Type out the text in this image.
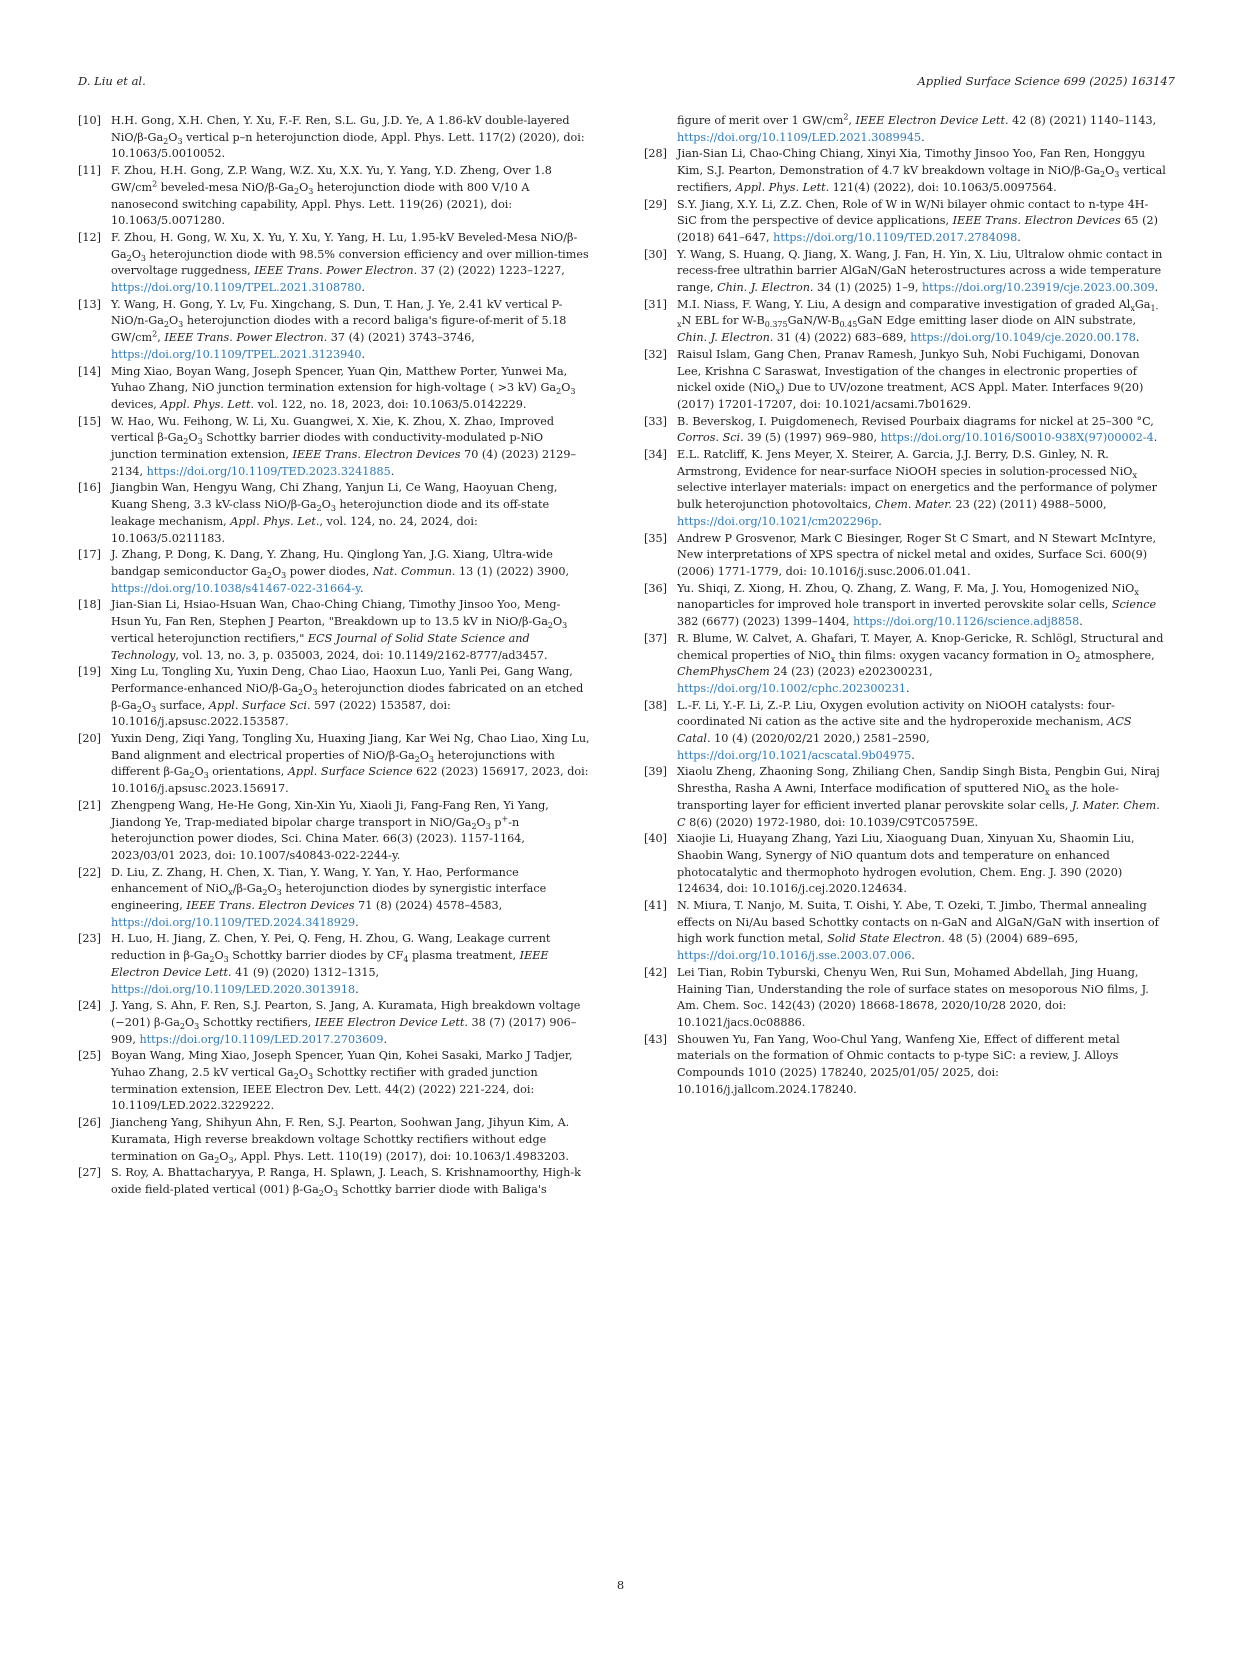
D. Liu et al.	Applied Surface Science 699 (2025) 163147
[10] H.H. Gong, X.H. Chen, Y. Xu, F.-F. Ren, S.L. Gu, J.D. Ye, A 1.86-kV double-layered NiO/$\beta-Ga_2O_3$ vertical p–n heterojunction diode, Appl. Phys. Lett. 117(2) (2020), doi: 10.1063/5.0010052.
[11] F. Zhou, H.H. Gong, Z.P. Wang, W.Z. Xu, X.X. Yu, Y. Yang, Y.D. Zheng, Over 1.8 $GW/cm^2$ beveled-mesa NiO/$\beta-Ga_2O_3$ heterojunction diode with 800 V/10 A nanosecond switching capability, Appl. Phys. Lett. 119(26) (2021), doi: 10.1063/5.0071280.
[12] F. Zhou, H. Gong, W. Xu, X. Yu, Y. Xu, Y. Yang, H. Lu, 1.95-kV Beveled-Mesa NiO/$\beta-Ga_2O_3$ heterojunction diode with 98.5% conversion efficiency and over million-times overvoltage ruggedness, IEEE Trans. Power Electron. 37 (2) (2022) 1223–1227, https://doi.org/10.1109/TPEL.2021.3108780.
[13] Y. Wang, H. Gong, Y. Lv, Fu. Xingchang, S. Dun, T. Han, J. Ye, 2.41 kV vertical $P-NiO/n-Ga_2O_3$ heterojunction diodes with a record baliga's figure-of-merit of 5.18 $GW/cm^2$, IEEE Trans. Power Electron. 37 (4) (2021) 3743–3746, https://doi.org/10.1109/TPEL.2021.3123940.
[14] Ming Xiao, Boyan Wang, Joseph Spencer, Yuan Qin, Matthew Porter, Yunwei Ma, Yuhao Zhang, NiO junction termination extension for high-voltage ( >3 kV) $Ga_2O_3$ devices, Appl. Phys. Lett. vol. 122, no. 18, 2023, doi: 10.1063/5.0142229.
[15] W. Hao, Wu. Feihong, W. Li, Xu. Guangwei, X. Xie, K. Zhou, X. Zhao, Improved vertical $\beta-Ga_2O_3$ Schottky barrier diodes with conductivity-modulated p-NiO junction termination extension, IEEE Trans. Electron Devices 70 (4) (2023) 2129–2134, https://doi.org/10.1109/TED.2023.3241885.
[16] Jiangbin Wan, Hengyu Wang, Chi Zhang, Yanjun Li, Ce Wang, Haoyuan Cheng, Kuang Sheng, 3.3 kV-class NiO/$\beta-Ga_2O_3$ heterojunction diode and its off-state leakage mechanism, Appl. Phys. Let., vol. 124, no. 24, 2024, doi: 10.1063/5.0211183.
[17] J. Zhang, P. Dong, K. Dang, Y. Zhang, Hu. Qinglong Yan, J.G. Xiang, Ultra-wide bandgap semiconductor $Ga_2O_3$ power diodes, Nat. Commun. 13 (1) (2022) 3900, https://doi.org/10.1038/s41467-022-31664-y.
[18] Jian-Sian Li, Hsiao-Hsuan Wan, Chao-Ching Chiang, Timothy Jinsoo Yoo, Meng-Hsun Yu, Fan Ren, Stephen J Pearton, "Breakdown up to 13.5 kV in NiO/$\beta-Ga_2O_3$ vertical heterojunction rectifiers," ECS Journal of Solid State Science and Technology, vol. 13, no. 3, p. 035003, 2024, doi: 10.1149/2162-8777/ad3457.
[19] Xing Lu, Tongling Xu, Yuxin Deng, Chao Liao, Haoxun Luo, Yanli Pei, Gang Wang, Performance-enhanced NiO/$\beta-Ga_2O_3$ heterojunction diodes fabricated on an etched $\beta-Ga_2O_3$ surface, Appl. Surface Sci. 597 (2022) 153587, doi: 10.1016/j.apsusc.2022.153587.
[20] Yuxin Deng, Ziqi Yang, Tongling Xu, Huaxing Jiang, Kar Wei Ng, Chao Liao, Xing Lu, Band alignment and electrical properties of NiO/$\beta-Ga_2O_3$ heterojunctions with different $\beta-Ga_2O_3$ orientations, Appl. Surface Science 622 (2023) 156917, 2023, doi: 10.1016/j.apsusc.2023.156917.
[21] Zhengpeng Wang, He-He Gong, Xin-Xin Yu, Xiaoli Ji, Fang-Fang Ren, Yi Yang, Jiandong Ye, Trap-mediated bipolar charge transport in NiO/$Ga_2O_3$ p+-n heterojunction power diodes, Sci. China Mater. 66(3) (2023). 1157-1164, 2023/03/01 2023, doi: 10.1007/s40843-022-2244-y.
[22] D. Liu, Z. Zhang, H. Chen, X. Tian, Y. Wang, Y. Yan, Y. Hao, Performance enhancement of $NiO_x/\beta-Ga_2O_3$ heterojunction diodes by synergistic interface engineering, IEEE Trans. Electron Devices 71 (8) (2024) 4578–4583, https://doi.org/10.1109/TED.2024.3418929.
[23] H. Luo, H. Jiang, Z. Chen, Y. Pei, Q. Feng, H. Zhou, G. Wang, Leakage current reduction in $\beta-Ga_2O_3$ Schottky barrier diodes by $CF_4$ plasma treatment, IEEE Electron Device Lett. 41 (9) (2020) 1312–1315, https://doi.org/10.1109/LED.2020.3013918.
[24] J. Yang, S. Ahn, F. Ren, S.J. Pearton, S. Jang, A. Kuramata, High breakdown voltage (−201) $\beta-Ga_2O_3$ Schottky rectifiers, IEEE Electron Device Lett. 38 (7) (2017) 906–909, https://doi.org/10.1109/LED.2017.2703609.
[25] Boyan Wang, Ming Xiao, Joseph Spencer, Yuan Qin, Kohei Sasaki, Marko J Tadjer, Yuhao Zhang, 2.5 kV vertical $Ga_2O_3$ Schottky rectifier with graded junction termination extension, IEEE Electron Dev. Lett. 44(2) (2022) 221-224, doi: 10.1109/LED.2022.3229222.
[26] Jiancheng Yang, Shihyun Ahn, F. Ren, S.J. Pearton, Soohwan Jang, Jihyun Kim, A. Kuramata, High reverse breakdown voltage Schottky rectifiers without edge termination on $Ga_2O_3$, Appl. Phys. Lett. 110(19) (2017), doi: 10.1063/1.4983203.
[27] S. Roy, A. Bhattacharyya, P. Ranga, H. Splawn, J. Leach, S. Krishnamoorthy, High-k oxide field-plated vertical (001) $\beta-Ga_2O_3$ Schottky barrier diode with Baliga's
figure of merit over 1 $GW/cm^2$, IEEE Electron Device Lett. 42 (8) (2021) 1140–1143, https://doi.org/10.1109/LED.2021.3089945.
[28] Jian-Sian Li, Chao-Ching Chiang, Xinyi Xia, Timothy Jinsoo Yoo, Fan Ren, Honggyu Kim, S.J. Pearton, Demonstration of 4.7 kV breakdown voltage in NiO/$\beta-Ga_2O_3$ vertical rectifiers, Appl. Phys. Lett. 121(4) (2022), doi: 10.1063/5.0097564.
[29] S.Y. Jiang, X.Y. Li, Z.Z. Chen, Role of W in W/Ni bilayer ohmic contact to n-type 4H-SiC from the perspective of device applications, IEEE Trans. Electron Devices 65 (2) (2018) 641–647, https://doi.org/10.1109/TED.2017.2784098.
[30] Y. Wang, S. Huang, Q. Jiang, X. Wang, J. Fan, H. Yin, X. Liu, Ultralow ohmic contact in recess-free ultrathin barrier AlGaN/GaN heterostructures across a wide temperature range, Chin. J. Electron. 34 (1) (2025) 1–9, https://doi.org/10.23919/cje.2023.00.309.
[31] M.I. Niass, F. Wang, Y. Liu, A design and comparative investigation of graded $Al_xGa_{1-x}N$ EBL for $W-B_{0.375}GaN/W-B_{0.45}GaN$ Edge emitting laser diode on AlN substrate, Chin. J. Electron. 31 (4) (2022) 683–689, https://doi.org/10.1049/cje.2020.00.178.
[32] Raisul Islam, Gang Chen, Pranav Ramesh, Junkyo Suh, Nobi Fuchigami, Donovan Lee, Krishna C Saraswat, Investigation of the changes in electronic properties of nickel oxide (NiO$_x$) Due to UV/ozone treatment, ACS Appl. Mater. Interfaces 9(20) (2017) 17201-17207, doi: 10.1021/acsami.7b01629.
[33] B. Beverskog, I. Puigdomenech, Revised Pourbaix diagrams for nickel at 25–300 °C, Corros. Sci. 39 (5) (1997) 969–980, https://doi.org/10.1016/S0010-938X(97)00002-4.
[34] E.L. Ratcliff, K. Jens Meyer, X. Steirer, A. Garcia, J.J. Berry, D.S. Ginley, N. R. Armstrong, Evidence for near-surface NiOOH species in solution-processed NiO$_x$ selective interlayer materials: impact on energetics and the performance of polymer bulk heterojunction photovoltaics, Chem. Mater. 23 (22) (2011) 4988–5000, https://doi.org/10.1021/cm202296p.
[35] Andrew P Grosvenor, Mark C Biesinger, Roger St C Smart, and N Stewart McIntyre, New interpretations of XPS spectra of nickel metal and oxides, Surface Sci. 600(9) (2006) 1771-1779, doi: 10.1016/j.susc.2006.01.041.
[36] Yu. Shiqi, Z. Xiong, H. Zhou, Q. Zhang, Z. Wang, F. Ma, J. You, Homogenized NiO$_x$ nanoparticles for improved hole transport in inverted perovskite solar cells, Science 382 (6677) (2023) 1399–1404, https://doi.org/10.1126/science.adj8858.
[37] R. Blume, W. Calvet, A. Ghafari, T. Mayer, A. Knop-Gericke, R. Schlögl, Structural and chemical properties of NiO$_x$ thin films: oxygen vacancy formation in $O_2$ atmosphere, ChemPhysChem 24 (23) (2023) e202300231, https://doi.org/10.1002/cphc.202300231.
[38] L.-F. Li, Y.-F. Li, Z.-P. Liu, Oxygen evolution activity on NiOOH catalysts: four-coordinated Ni cation as the active site and the hydroperoxide mechanism, ACS Catal. 10 (4) (2020/02/21 2020,) 2581–2590, https://doi.org/10.1021/acscatal.9b04975.
[39] Xiaolu Zheng, Zhaoning Song, Zhiliang Chen, Sandip Singh Bista, Pengbin Gui, Niraj Shrestha, Rasha A Awni, Interface modification of sputtered NiO$_x$ as the hole-transporting layer for efficient inverted planar perovskite solar cells, J. Mater. Chem. C 8(6) (2020) 1972-1980, doi: 10.1039/C9TC05759E.
[40] Xiaojie Li, Huayang Zhang, Yazi Liu, Xiaoguang Duan, Xinyuan Xu, Shaomin Liu, Shaobin Wang, Synergy of NiO quantum dots and temperature on enhanced photocatalytic and thermophoto hydrogen evolution, Chem. Eng. J. 390 (2020) 124634, doi: 10.1016/j.cej.2020.124634.
[41] N. Miura, T. Nanjo, M. Suita, T. Oishi, Y. Abe, T. Ozeki, T. Jimbo, Thermal annealing effects on Ni/Au based Schottky contacts on n-GaN and AlGaN/GaN with insertion of high work function metal, Solid State Electron. 48 (5) (2004) 689–695, https://doi.org/10.1016/j.sse.2003.07.006.
[42] Lei Tian, Robin Tyburski, Chenyu Wen, Rui Sun, Mohamed Abdellah, Jing Huang, Haining Tian, Understanding the role of surface states on mesoporous NiO films, J. Am. Chem. Soc. 142(43) (2020) 18668-18678, 2020/10/28 2020, doi: 10.1021/jacs.0c08886.
[43] Shouwen Yu, Fan Yang, Woo-Chul Yang, Wanfeng Xie, Effect of different metal materials on the formation of Ohmic contacts to p-type SiC: a review, J. Alloys Compounds 1010 (2025) 178240, 2025/01/05/ 2025, doi: 10.1016/j.jallcom.2024.178240.
8
